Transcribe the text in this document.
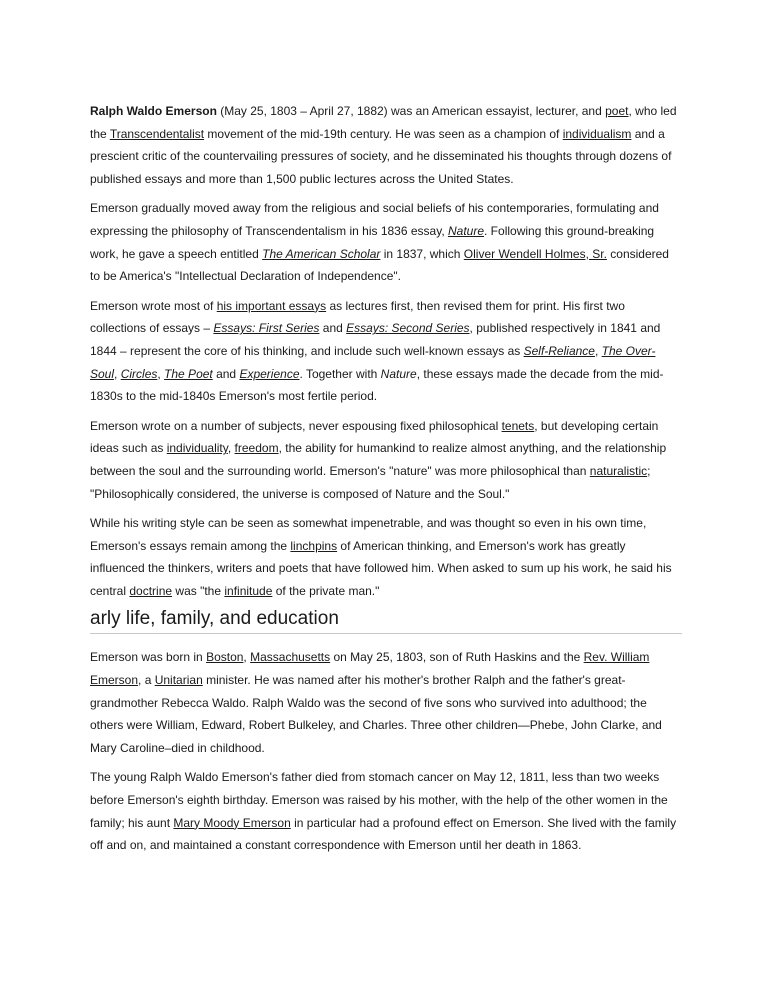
Ralph Waldo Emerson (May 25, 1803 – April 27, 1882) was an American essayist, lecturer, and poet, who led the Transcendentalist movement of the mid-19th century. He was seen as a champion of individualism and a prescient critic of the countervailing pressures of society, and he disseminated his thoughts through dozens of published essays and more than 1,500 public lectures across the United States.

Emerson gradually moved away from the religious and social beliefs of his contemporaries, formulating and expressing the philosophy of Transcendentalism in his 1836 essay, Nature. Following this ground-breaking work, he gave a speech entitled The American Scholar in 1837, which Oliver Wendell Holmes, Sr. considered to be America's "Intellectual Declaration of Independence".

Emerson wrote most of his important essays as lectures first, then revised them for print. His first two collections of essays – Essays: First Series and Essays: Second Series, published respectively in 1841 and 1844 – represent the core of his thinking, and include such well-known essays as Self-Reliance, The Over-Soul, Circles, The Poet and Experience. Together with Nature, these essays made the decade from the mid-1830s to the mid-1840s Emerson's most fertile period.

Emerson wrote on a number of subjects, never espousing fixed philosophical tenets, but developing certain ideas such as individuality, freedom, the ability for humankind to realize almost anything, and the relationship between the soul and the surrounding world. Emerson's "nature" was more philosophical than naturalistic; "Philosophically considered, the universe is composed of Nature and the Soul."

While his writing style can be seen as somewhat impenetrable, and was thought so even in his own time, Emerson's essays remain among the linchpins of American thinking, and Emerson's work has greatly influenced the thinkers, writers and poets that have followed him. When asked to sum up his work, he said his central doctrine was "the infinitude of the private man."

arly life, family, and education

Emerson was born in Boston, Massachusetts on May 25, 1803, son of Ruth Haskins and the Rev. William Emerson, a Unitarian minister. He was named after his mother's brother Ralph and the father's great-grandmother Rebecca Waldo. Ralph Waldo was the second of five sons who survived into adulthood; the others were William, Edward, Robert Bulkeley, and Charles. Three other children—Phebe, John Clarke, and Mary Caroline–died in childhood.

The young Ralph Waldo Emerson's father died from stomach cancer on May 12, 1811, less than two weeks before Emerson's eighth birthday. Emerson was raised by his mother, with the help of the other women in the family; his aunt Mary Moody Emerson in particular had a profound effect on Emerson. She lived with the family off and on, and maintained a constant correspondence with Emerson until her death in 1863.
